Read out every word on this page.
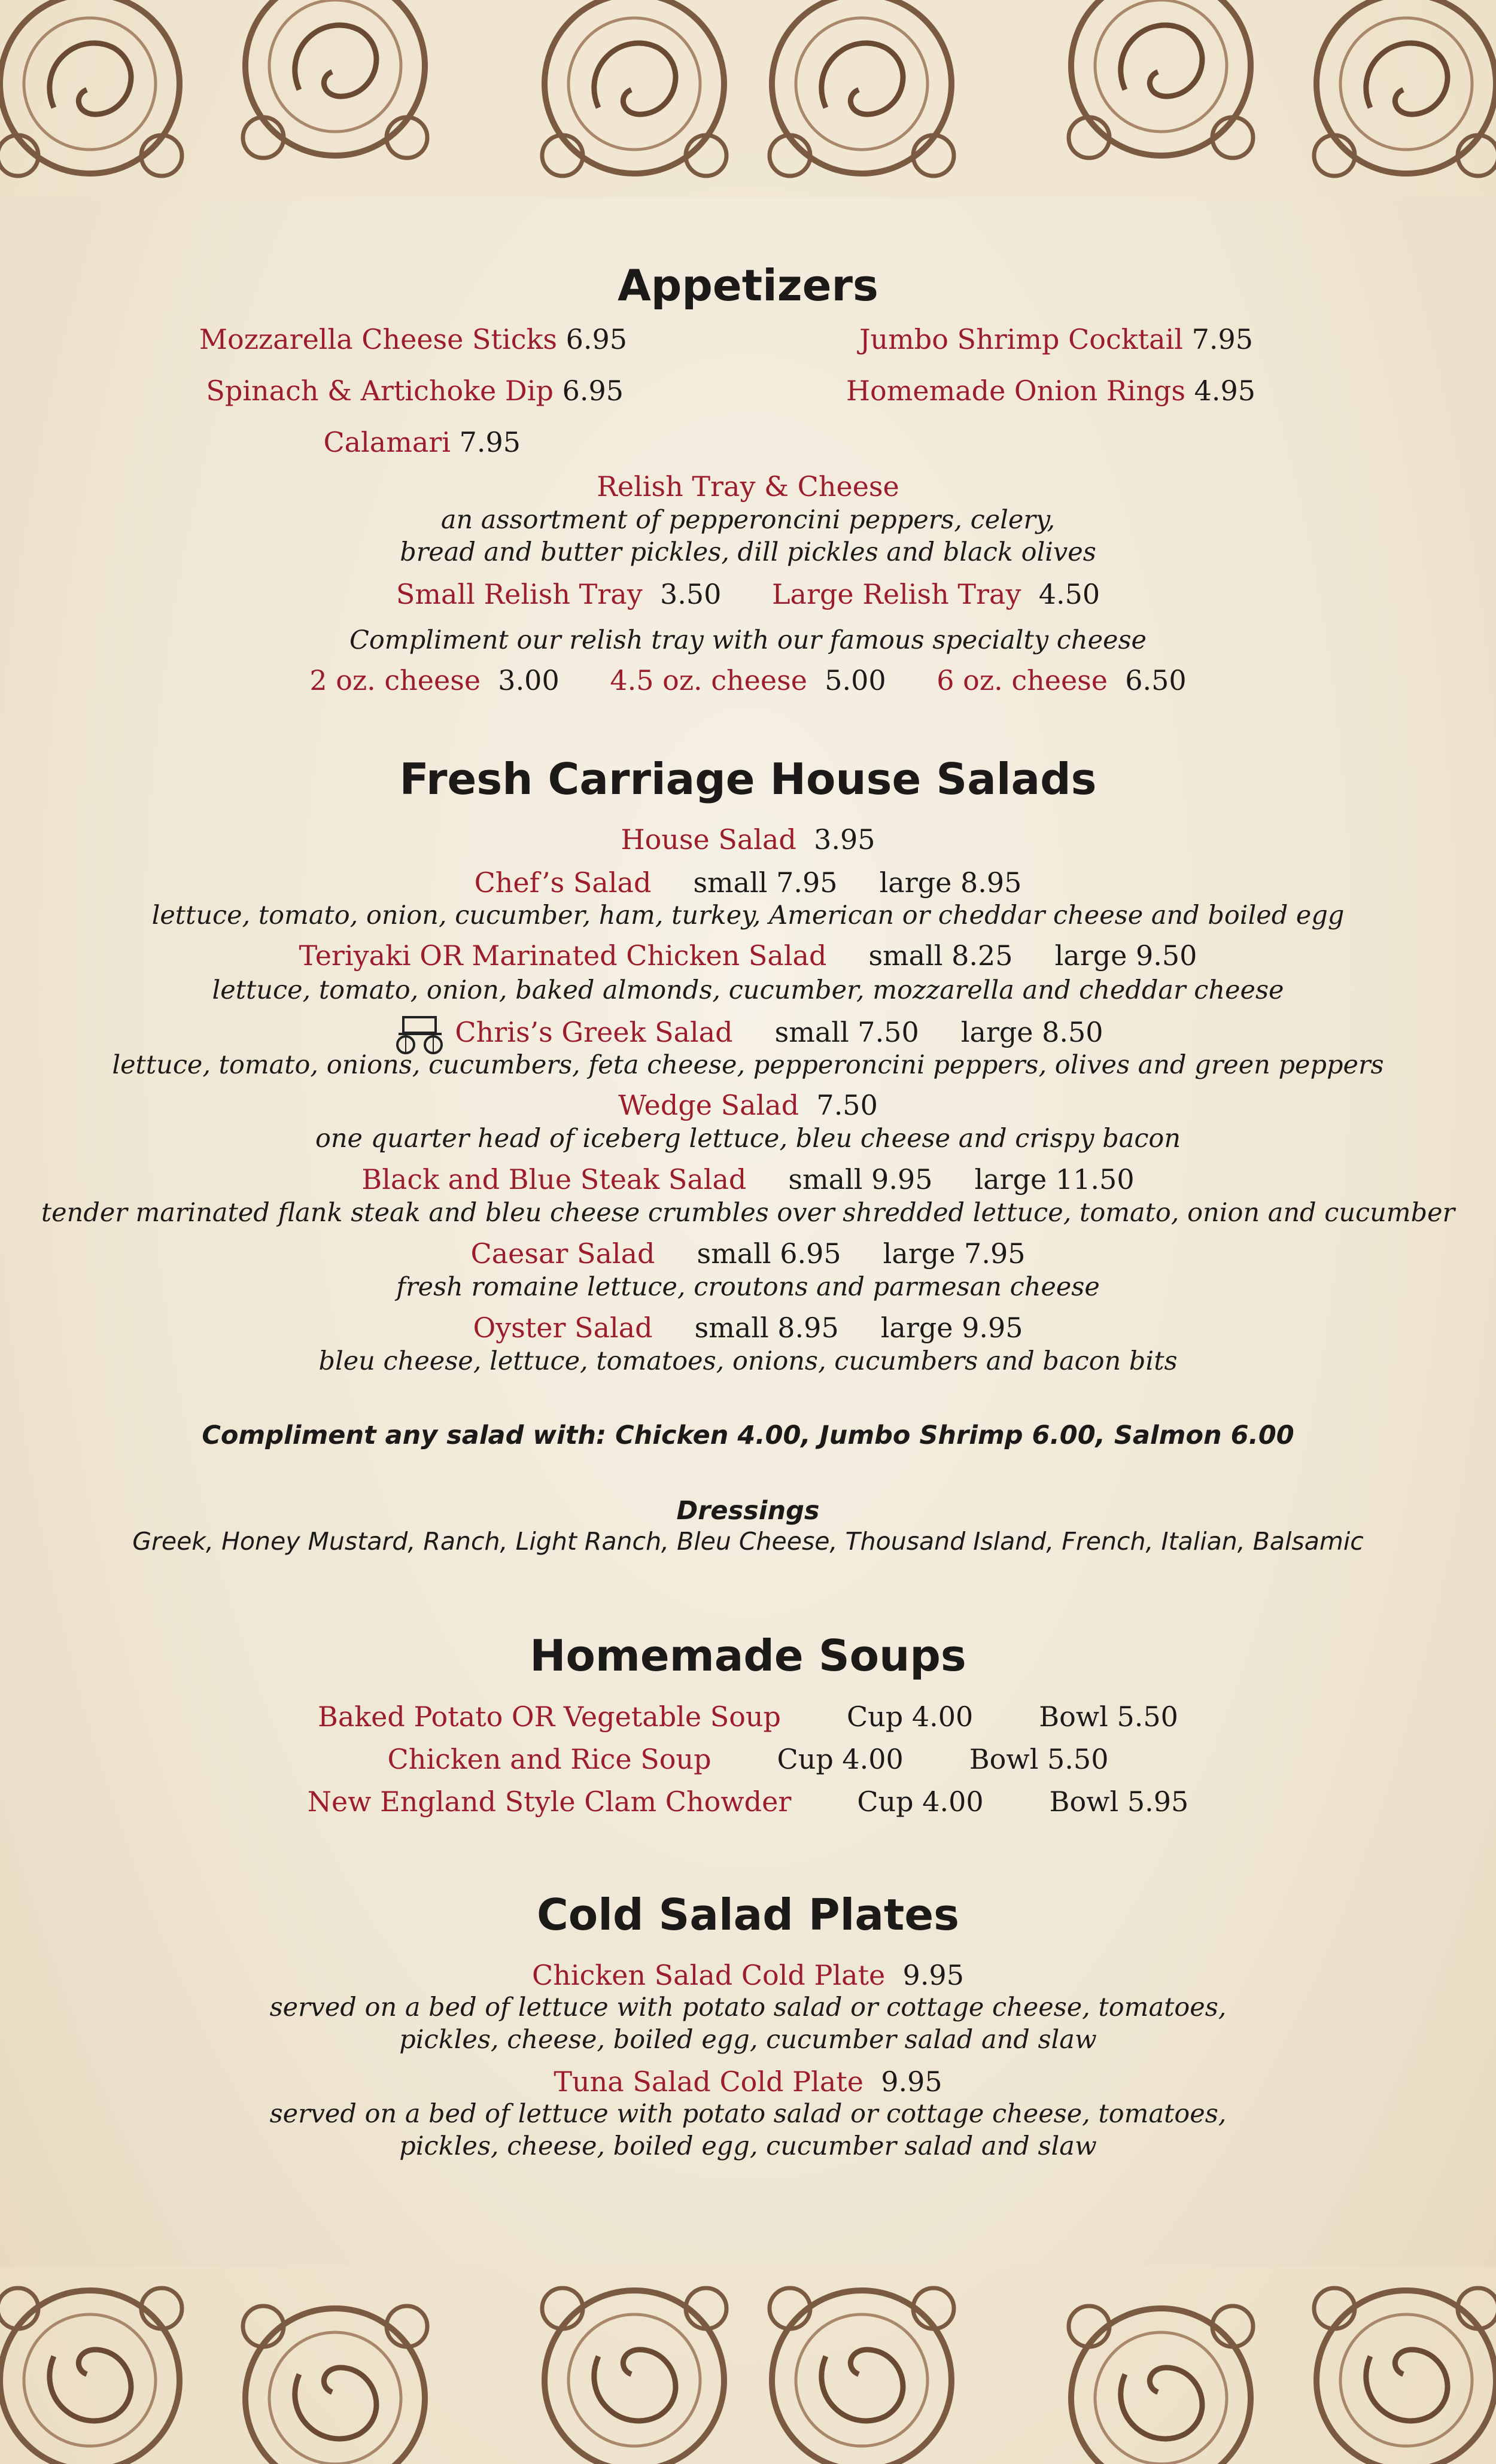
Appetizers
Mozzarella Cheese Sticks 6.95	Jumbo Shrimp Cocktail 7.95
Spinach & Artichoke Dip 6.95	Homemade Onion Rings 4.95
Calamari 7.95
Relish Tray & Cheese
an assortment of pepperoncini peppers, celery,
bread and butter pickles, dill pickles and black olives
Small Relish Tray 3.50 Large Relish Tray 4.50
Compliment our relish tray with our famous specialty cheese
2 oz. cheese 3.00 4.5 oz. cheese 5.00 6 oz. cheese 6.50
Fresh Carriage House Salads
House Salad 3.95
Chef’s Salad small 7.95 large 8.95
lettuce, tomato, onion, cucumber, ham, turkey, American or cheddar cheese and boiled egg
Teriyaki OR Marinated Chicken Salad small 8.25 large 9.50
lettuce, tomato, onion, baked almonds, cucumber, mozzarella and cheddar cheese
Chris’s Greek Salad small 7.50 large 8.50
lettuce, tomato, onions, cucumbers, feta cheese, pepperoncini peppers, olives and green peppers
Wedge Salad 7.50
one quarter head of iceberg lettuce, bleu cheese and crispy bacon
Black and Blue Steak Salad small 9.95 large 11.50
tender marinated flank steak and bleu cheese crumbles over shredded lettuce, tomato, onion and cucumber
Caesar Salad small 6.95 large 7.95
fresh romaine lettuce, croutons and parmesan cheese
Oyster Salad small 8.95 large 9.95
bleu cheese, lettuce, tomatoes, onions, cucumbers and bacon bits
Compliment any salad with: Chicken 4.00, Jumbo Shrimp 6.00, Salmon 6.00
Dressings
Greek, Honey Mustard, Ranch, Light Ranch, Bleu Cheese, Thousand Island, French, Italian, Balsamic
Homemade Soups
Baked Potato OR Vegetable Soup Cup 4.00 Bowl 5.50
Chicken and Rice Soup Cup 4.00 Bowl 5.50
New England Style Clam Chowder Cup 4.00 Bowl 5.95
Cold Salad Plates
Chicken Salad Cold Plate 9.95
served on a bed of lettuce with potato salad or cottage cheese, tomatoes,
pickles, cheese, boiled egg, cucumber salad and slaw
Tuna Salad Cold Plate 9.95
served on a bed of lettuce with potato salad or cottage cheese, tomatoes,
pickles, cheese, boiled egg, cucumber salad and slaw
